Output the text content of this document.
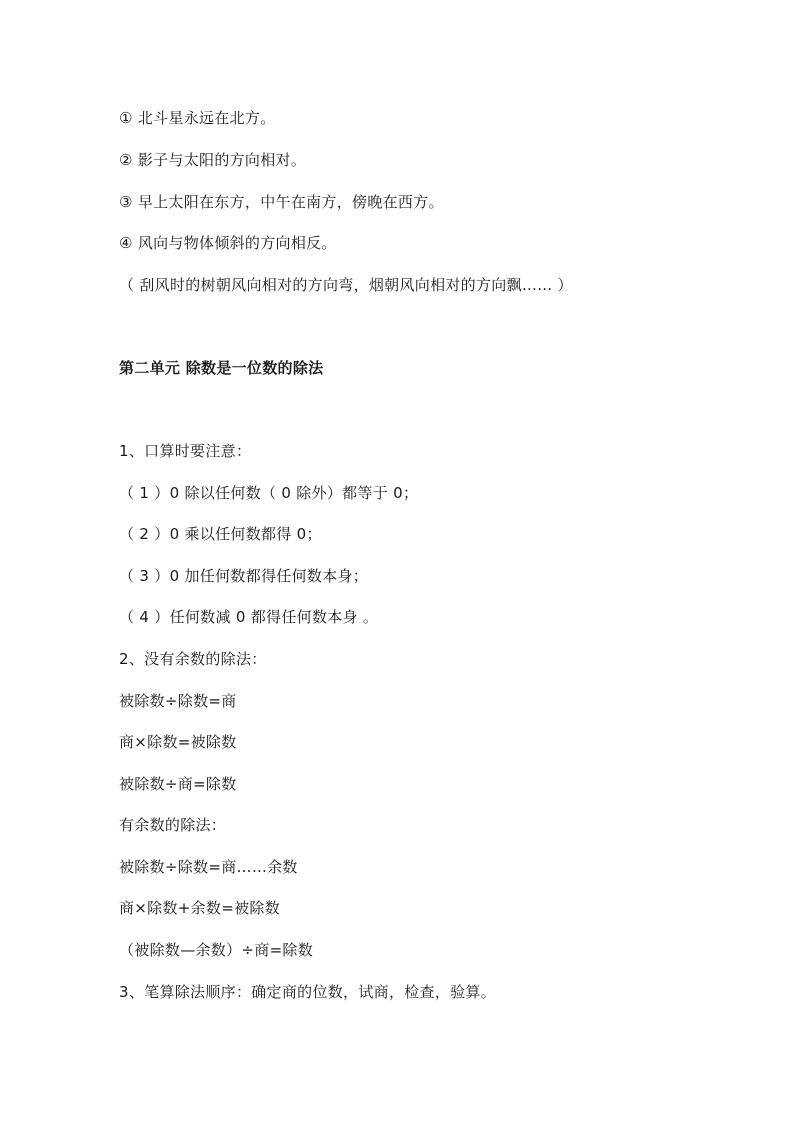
① 北斗星永远在北方。
② 影子与太阳的方向相对。
③ 早上太阳在东方，中午在南方，傍晚在西方。
④ 风向与物体倾斜的方向相反。
（ 刮风时的树朝风向相对的方向弯，烟朝风向相对的方向飘…… ）
第二单元 除数是一位数的除法
1、口算时要注意：
（ 1 ）0 除以任何数（ 0 除外）都等于 0；
（ 2 ）0 乘以任何数都得 0；
（ 3 ）0 加任何数都得任何数本身；
（ 4 ）任何数减 0 都得任何数本身 。
2、没有余数的除法：
被除数÷除数=商
商×除数=被除数
被除数÷商=除数
有余数的除法：
被除数÷除数=商……余数
商×除数+余数=被除数
（被除数—余数）÷商=除数
3、笔算除法顺序：确定商的位数，试商，检查，验算。
